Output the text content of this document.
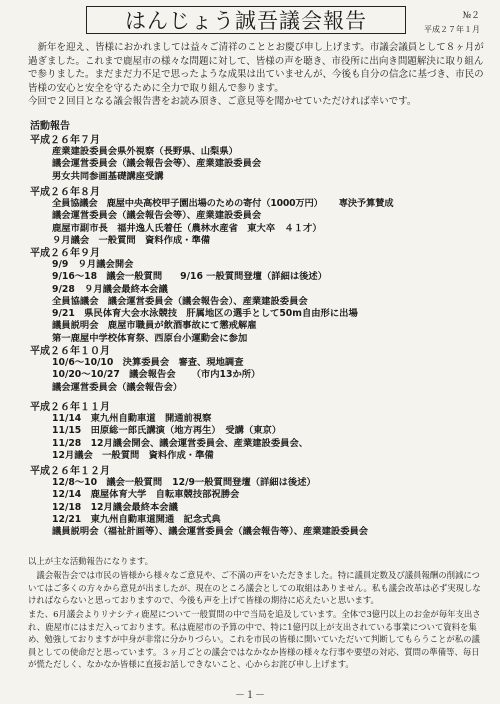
はんじょう誠吾議会報告	№２
平成２７年１月

新年を迎え、皆様におかれましては益々ご清祥のこととお慶び申し上げます。市議会議員として８ヶ月が過ぎました。これまで鹿屋市の様々な問題に対して、皆様の声を聴き、市役所に出向き問題解決に取り組んで参りました。まだまだ力不足で思ったような成果は出ていませんが、今後も自分の信念に基づき、市民の皆様の安心と安全を守るために全力で取り組んで参ります。

今回で２回目となる議会報告書をお読み頂き、ご意見等を聞かせていただければ幸いです。

活動報告

平成２６年７月

産業建設委員会県外視察（長野県、山梨県）

議会運営委員会（議会報告会等）、産業建設委員会

男女共同参画基礎講座受講

平成２６年８月

全員協議会　鹿屋中央高校甲子園出場のための寄付（1000万円） 専決予算賛成

議会運営委員会（議会報告会等）、産業建設委員会

鹿屋市副市長　福井逸人氏着任（農林水産省　東大卒　４１才）

９月議会　一般質問　資料作成・準備

平成２６年９月

9/9　９月議会開会

9/16～18　議会一般質問 9/16 一般質問登壇（詳細は後述）

9/28　９月議会最終本会議

全員協議会　議会運営委員会（議会報告会）、産業建設委員会

9/21　県民体育大会水泳競技　肝属地区の選手として50m自由形に出場

議員説明会　鹿屋市職員が飲酒事故にて懲戒解雇

第一鹿屋中学校体育祭、西原台小運動会に参加

平成２６年１０月

10/6～10/10　決算委員会　審査、現地調査

10/20～10/27　議会報告会 （市内13か所）

議会運営委員会（議会報告会）

平成２６年１１月

11/14　東九州自動車道　開通前視察

11/15　田原総一郎氏講演（地方再生）　受講（東京）

11/28　12月議会開会、議会運営委員会、産業建設委員会、

12月議会　一般質問　資料作成・準備

平成２６年１２月

12/8～10　議会一般質問 12/9一般質問登壇（詳細は後述）

12/14　鹿屋体育大学　自転車競技部祝勝会

12/18　12月議会最終本会議

12/21　東九州自動車道開通　記念式典

議員説明会（福祉計画等）、議会運営委員会（議会報告等）、産業建設委員会

以上が主な活動報告になります。

　議会報告会では市民の皆様から様々なご意見や、ご不満の声をいただきました。特に議員定数及び議員報酬の削減についてはご多くの方々から意見が出ましたが、現在のところ議会としての取組はありません。私も議会改革は必ず実現しなければならないと思っておりますので、今後も声を上げて皆様の期待に応えたいと思います。

また、6月議会よりリナシティ鹿屋について一般質問の中で当局を追及しています。全体で3億円以上のお金が毎年支出され、鹿屋市にはまだ入っております。私は鹿屋市の予算の中で、特に1億円以上が支出されている事業について資料を集め、勉強しておりますが中身が非常に分かりづらい。これを市民の皆様に開いていただいて判断してもらうことが私の議員としての使命だと思っています。３ヶ月ごとの議会ではなかなか皆様の様々な行事や要望の対応、質問の準備等、毎日が慌ただしく、なかなか皆様に直接お話しできないこと、心からお詫び申し上げます。

－１－
